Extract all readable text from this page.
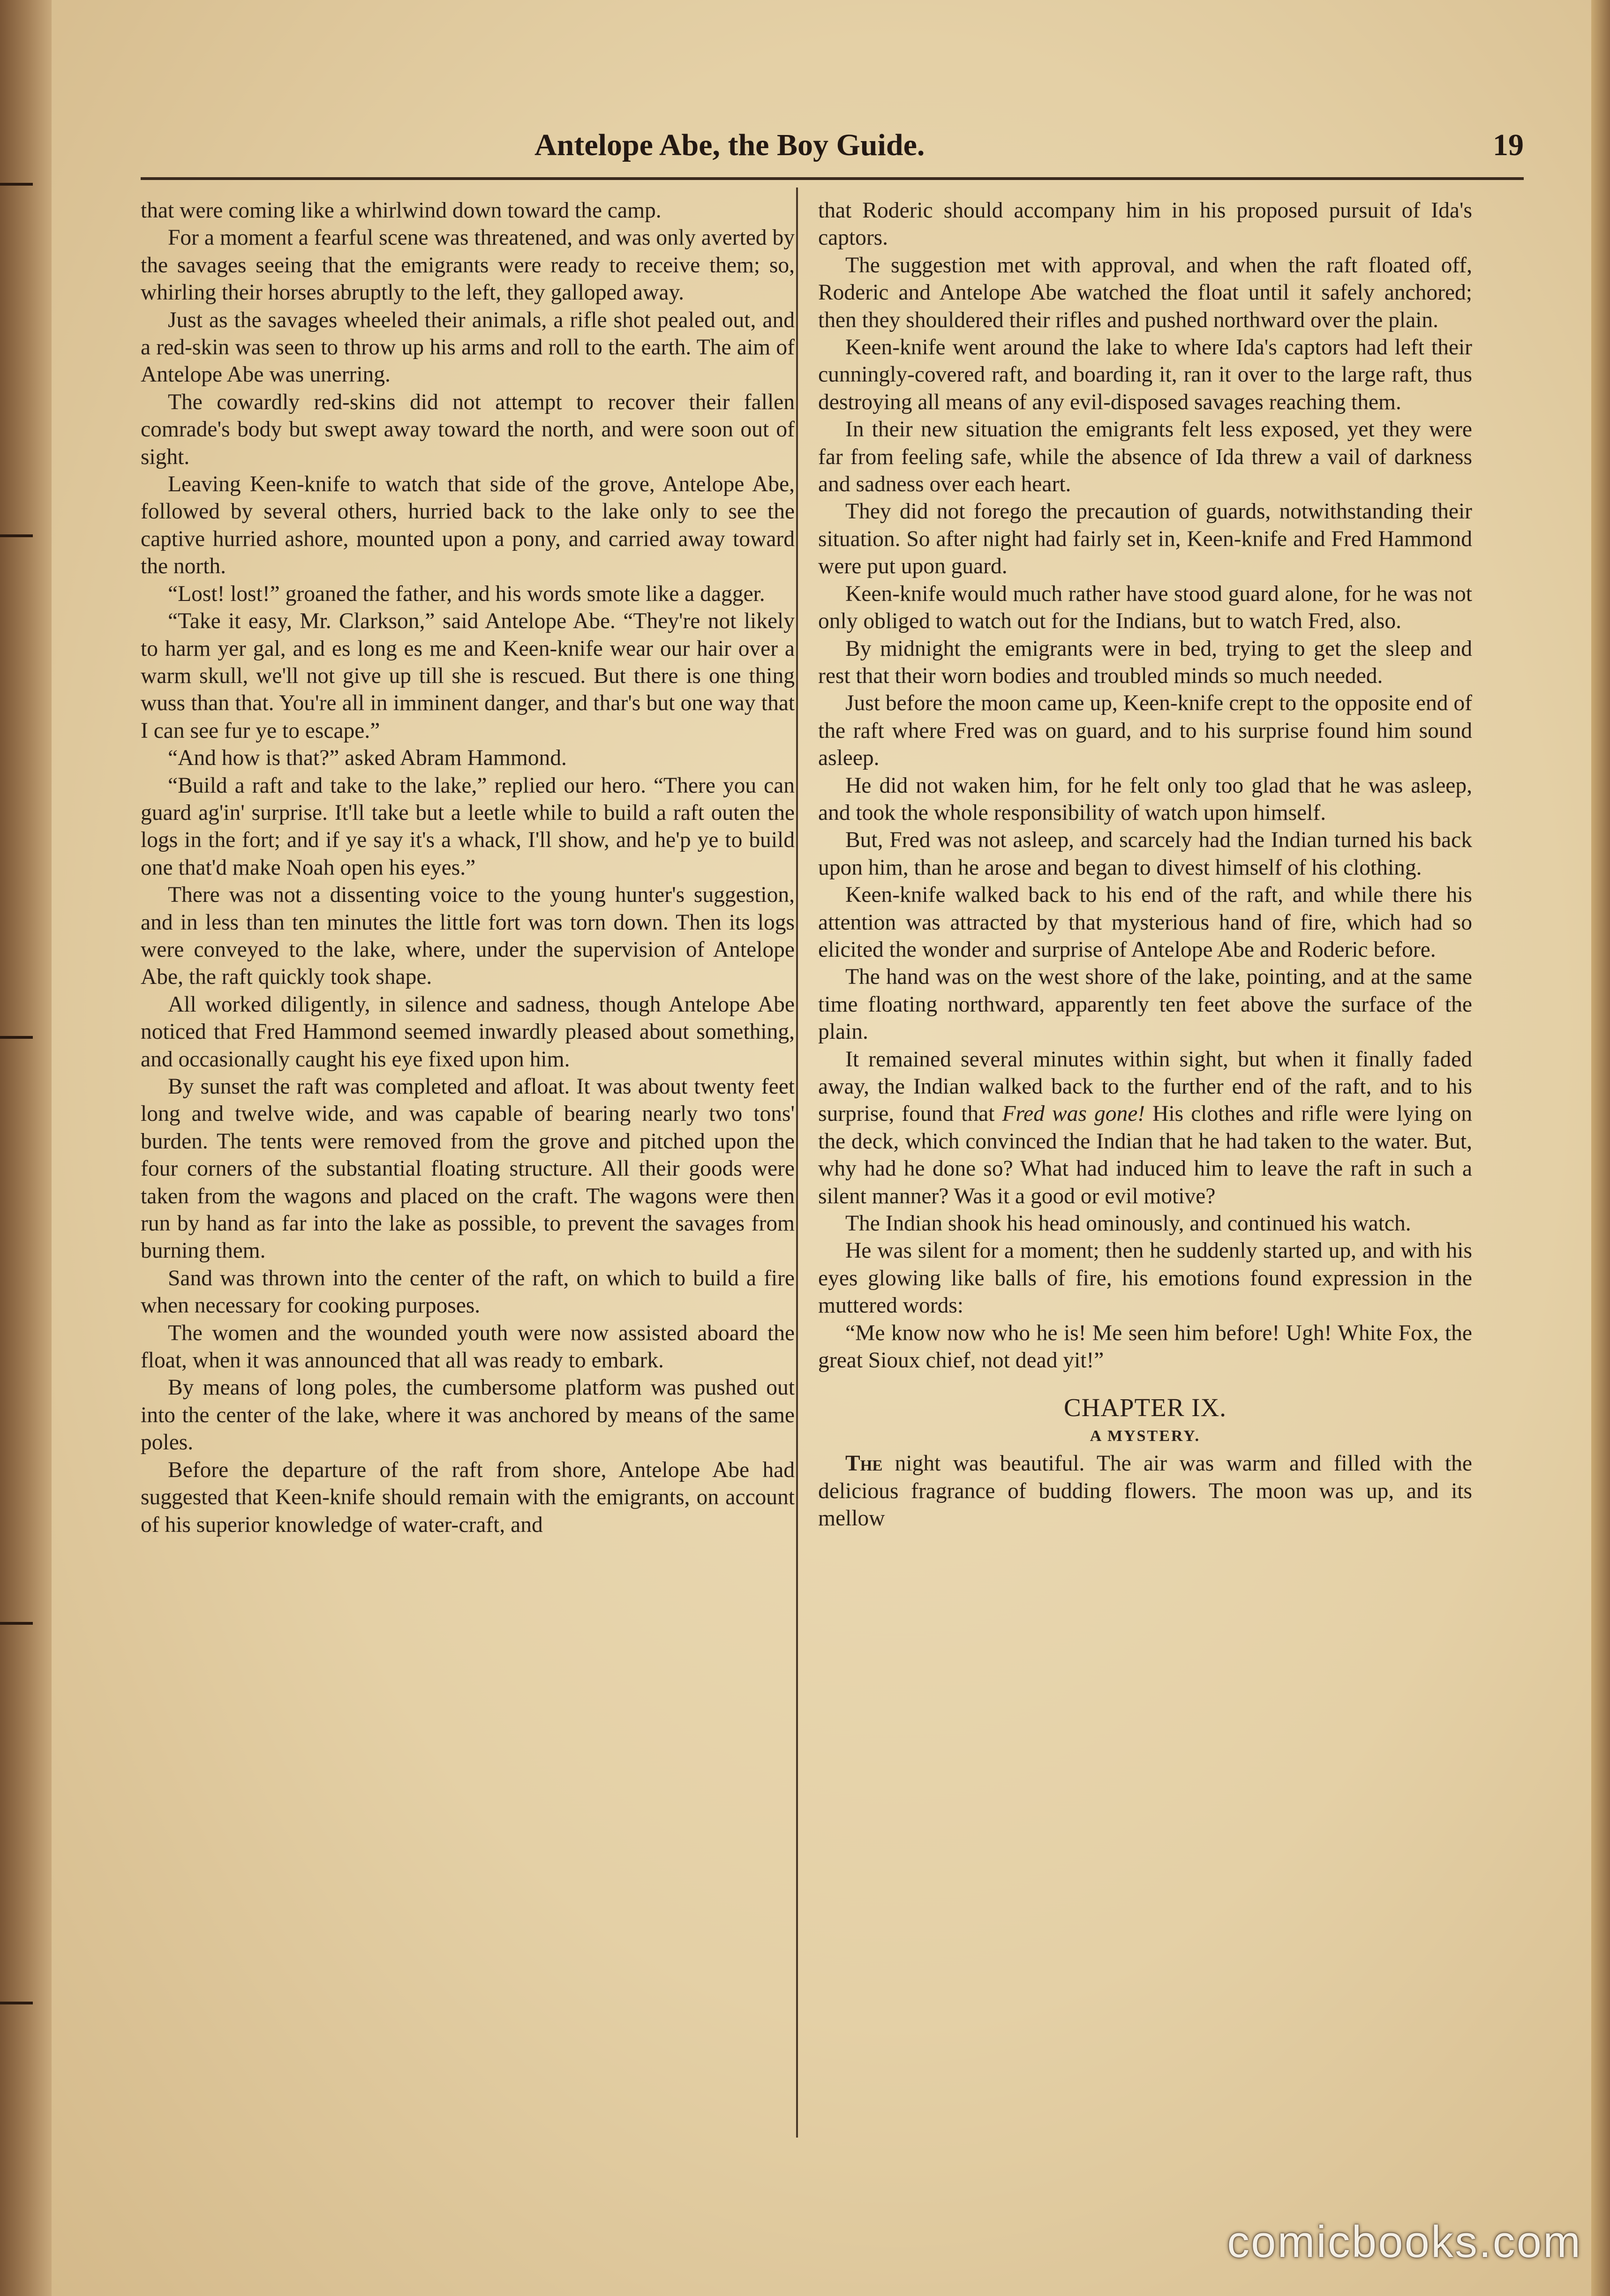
Antelope Abe, the Boy Guide.	19

that were coming like a whirlwind down toward the camp.

For a moment a fearful scene was threatened, and was only averted by the savages seeing that the emigrants were ready to receive them; so, whirling their horses abruptly to the left, they galloped away.

Just as the savages wheeled their animals, a rifle shot pealed out, and a red-skin was seen to throw up his arms and roll to the earth. The aim of Antelope Abe was unerring.

The cowardly red-skins did not attempt to recover their fallen comrade's body but swept away toward the north, and were soon out of sight.

Leaving Keen-knife to watch that side of the grove, Antelope Abe, followed by several others, hurried back to the lake only to see the captive hurried ashore, mounted upon a pony, and carried away toward the north.

“Lost! lost!” groaned the father, and his words smote like a dagger.

“Take it easy, Mr. Clarkson,” said Antelope Abe. “They're not likely to harm yer gal, and es long es me and Keen-knife wear our hair over a warm skull, we'll not give up till she is rescued. But there is one thing wuss than that. You're all in imminent danger, and thar's but one way that I can see fur ye to escape.”

“And how is that?” asked Abram Hammond.

“Build a raft and take to the lake,” replied our hero. “There you can guard ag'in' surprise. It'll take but a leetle while to build a raft outen the logs in the fort; and if ye say it's a whack, I'll show, and he'p ye to build one that'd make Noah open his eyes.”

There was not a dissenting voice to the young hunter's suggestion, and in less than ten minutes the little fort was torn down. Then its logs were conveyed to the lake, where, under the supervision of Antelope Abe, the raft quickly took shape.

All worked diligently, in silence and sadness, though Antelope Abe noticed that Fred Hammond seemed inwardly pleased about something, and occasionally caught his eye fixed upon him.

By sunset the raft was completed and afloat. It was about twenty feet long and twelve wide, and was capable of bearing nearly two tons' burden. The tents were removed from the grove and pitched upon the four corners of the substantial floating structure. All their goods were taken from the wagons and placed on the craft. The wagons were then run by hand as far into the lake as possible, to prevent the savages from burning them.

Sand was thrown into the center of the raft, on which to build a fire when necessary for cooking purposes.

The women and the wounded youth were now assisted aboard the float, when it was announced that all was ready to embark.

By means of long poles, the cumbersome platform was pushed out into the center of the lake, where it was anchored by means of the same poles.

Before the departure of the raft from shore, Antelope Abe had suggested that Keen-knife should remain with the emigrants, on account of his superior knowledge of water-craft, and

that Roderic should accompany him in his proposed pursuit of Ida's captors.

The suggestion met with approval, and when the raft floated off, Roderic and Antelope Abe watched the float until it safely anchored; then they shouldered their rifles and pushed northward over the plain.

Keen-knife went around the lake to where Ida's captors had left their cunningly-covered raft, and boarding it, ran it over to the large raft, thus destroying all means of any evil-disposed savages reaching them.

In their new situation the emigrants felt less exposed, yet they were far from feeling safe, while the absence of Ida threw a vail of darkness and sadness over each heart.

They did not forego the precaution of guards, notwithstanding their situation. So after night had fairly set in, Keen-knife and Fred Hammond were put upon guard.

Keen-knife would much rather have stood guard alone, for he was not only obliged to watch out for the Indians, but to watch Fred, also.

By midnight the emigrants were in bed, trying to get the sleep and rest that their worn bodies and troubled minds so much needed.

Just before the moon came up, Keen-knife crept to the opposite end of the raft where Fred was on guard, and to his surprise found him sound asleep.

He did not waken him, for he felt only too glad that he was asleep, and took the whole responsibility of watch upon himself.

But, Fred was not asleep, and scarcely had the Indian turned his back upon him, than he arose and began to divest himself of his clothing.

Keen-knife walked back to his end of the raft, and while there his attention was attracted by that mysterious hand of fire, which had so elicited the wonder and surprise of Antelope Abe and Roderic before.

The hand was on the west shore of the lake, pointing, and at the same time floating northward, apparently ten feet above the surface of the plain.

It remained several minutes within sight, but when it finally faded away, the Indian walked back to the further end of the raft, and to his surprise, found that Fred was gone! His clothes and rifle were lying on the deck, which convinced the Indian that he had taken to the water. But, why had he done so? What had induced him to leave the raft in such a silent manner? Was it a good or evil motive?

The Indian shook his head ominously, and continued his watch.

He was silent for a moment; then he suddenly started up, and with his eyes glowing like balls of fire, his emotions found expression in the muttered words:

“Me know now who he is! Me seen him before! Ugh! White Fox, the great Sioux chief, not dead yit!”

CHAPTER IX.
A MYSTERY.

The night was beautiful. The air was warm and filled with the delicious fragrance of budding flowers. The moon was up, and its mellow

comicbooks.com
